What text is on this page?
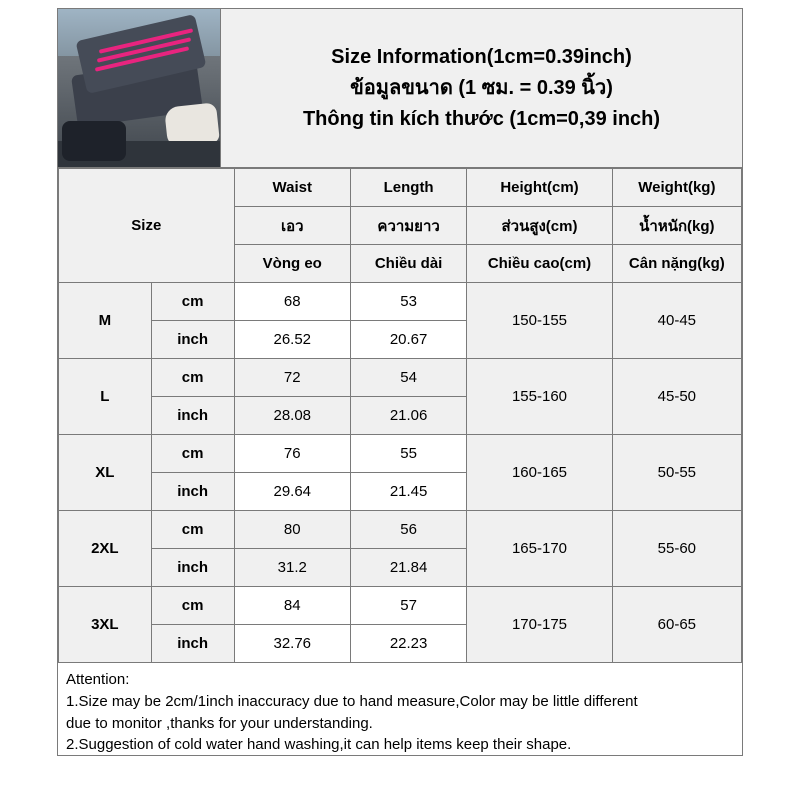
Size Information(1cm=0.39inch)
ข้อมูลขนาด (1 ซม. = 0.39 นิ้ว)
Thông tin kích thước (1cm=0,39 inch)
Size		Waist	Length	Height(cm)	Weight(kg)
		เอว	ความยาว	ส่วนสูง(cm)	น้ำหนัก(kg)
		Vòng eo	Chiều dài	Chiều cao(cm)	Cân nặng(kg)
M	cm	68	53	150-155	40-45
	inch	26.52	20.67		
L	cm	72	54	155-160	45-50
	inch	28.08	21.06		
XL	cm	76	55	160-165	50-55
	inch	29.64	21.45		
2XL	cm	80	56	165-170	55-60
	inch	31.2	21.84		
3XL	cm	84	57	170-175	60-65
	inch	32.76	22.23		

Attention:

1.Size may be 2cm/1inch inaccuracy due to hand measure,Color may be little different

due to monitor ,thanks for your understanding.

2.Suggestion of cold water hand washing,it can help items keep their shape.
